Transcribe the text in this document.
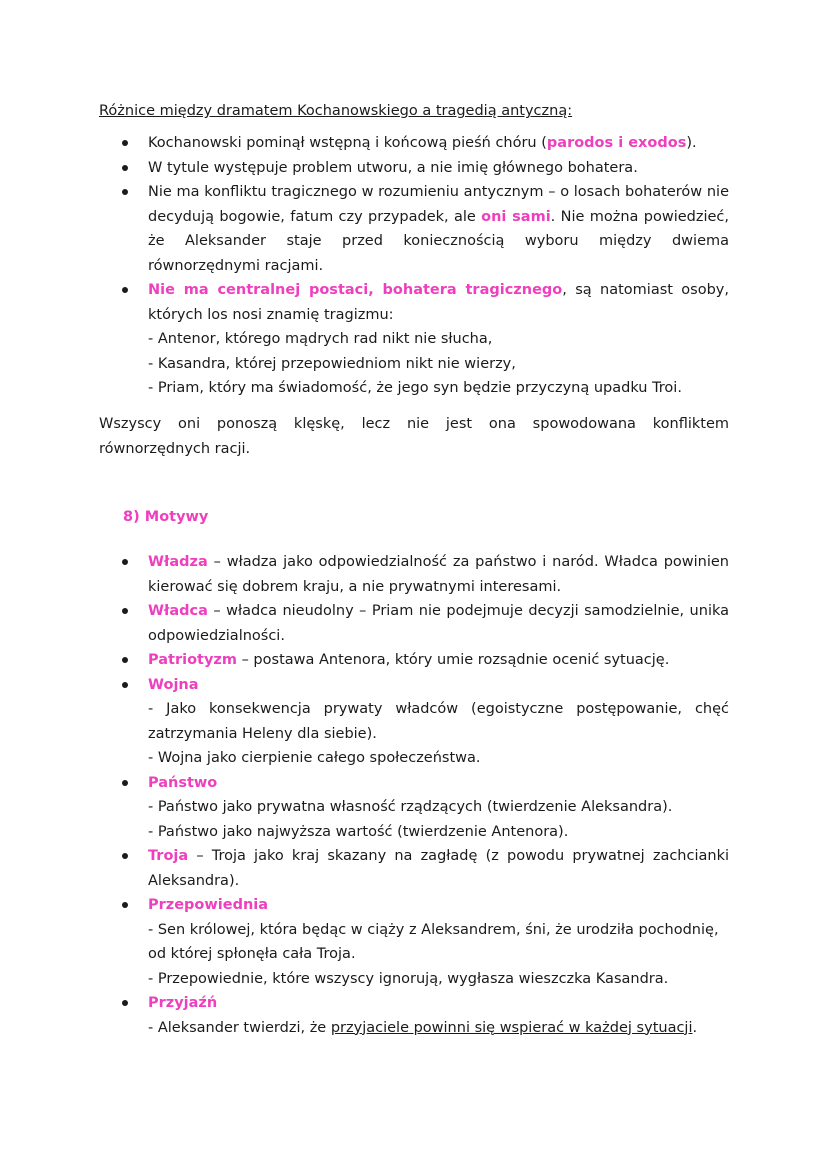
Różnice między dramatem Kochanowskiego a tragedią antyczną:
Kochanowski pominął wstępną i końcową pieśń chóru (parodos i exodos).
W tytule występuje problem utworu, a nie imię głównego bohatera.
Nie ma konfliktu tragicznego w rozumieniu antycznym – o losach bohaterów nie decydują bogowie, fatum czy przypadek, ale oni sami. Nie można powiedzieć, że Aleksander staje przed koniecznością wyboru między dwiema równorzędnymi racjami.
Nie ma centralnej postaci, bohatera tragicznego, są natomiast osoby, których los nosi znamię tragizmu:
- Antenor, którego mądrych rad nikt nie słucha,
- Kasandra, której przepowiedniom nikt nie wierzy,
- Priam, który ma świadomość, że jego syn będzie przyczyną upadku Troi.
Wszyscy oni ponoszą klęskę, lecz nie jest ona spowodowana konfliktem równorzędnych racji.
8) Motywy
Władza – władza jako odpowiedzialność za państwo i naród. Władca powinien kierować się dobrem kraju, a nie prywatnymi interesami.
Władca – władca nieudolny – Priam nie podejmuje decyzji samodzielnie, unika odpowiedzialności.
Patriotyzm – postawa Antenora, który umie rozsądnie ocenić sytuację.
Wojna
- Jako konsekwencja prywaty władców (egoistyczne postępowanie, chęć zatrzymania Heleny dla siebie).
- Wojna jako cierpienie całego społeczeństwa.
Państwo
- Państwo jako prywatna własność rządzących (twierdzenie Aleksandra).
- Państwo jako najwyższa wartość (twierdzenie Antenora).
Troja – Troja jako kraj skazany na zagładę (z powodu prywatnej zachcianki Aleksandra).
Przepowiednia
- Sen królowej, która będąc w ciąży z Aleksandrem, śni, że urodziła pochodnię, od której spłonęła cała Troja.
- Przepowiednie, które wszyscy ignorują, wygłasza wieszczka Kasandra.
Przyjaźń
- Aleksander twierdzi, że przyjaciele powinni się wspierać w każdej sytuacji.
